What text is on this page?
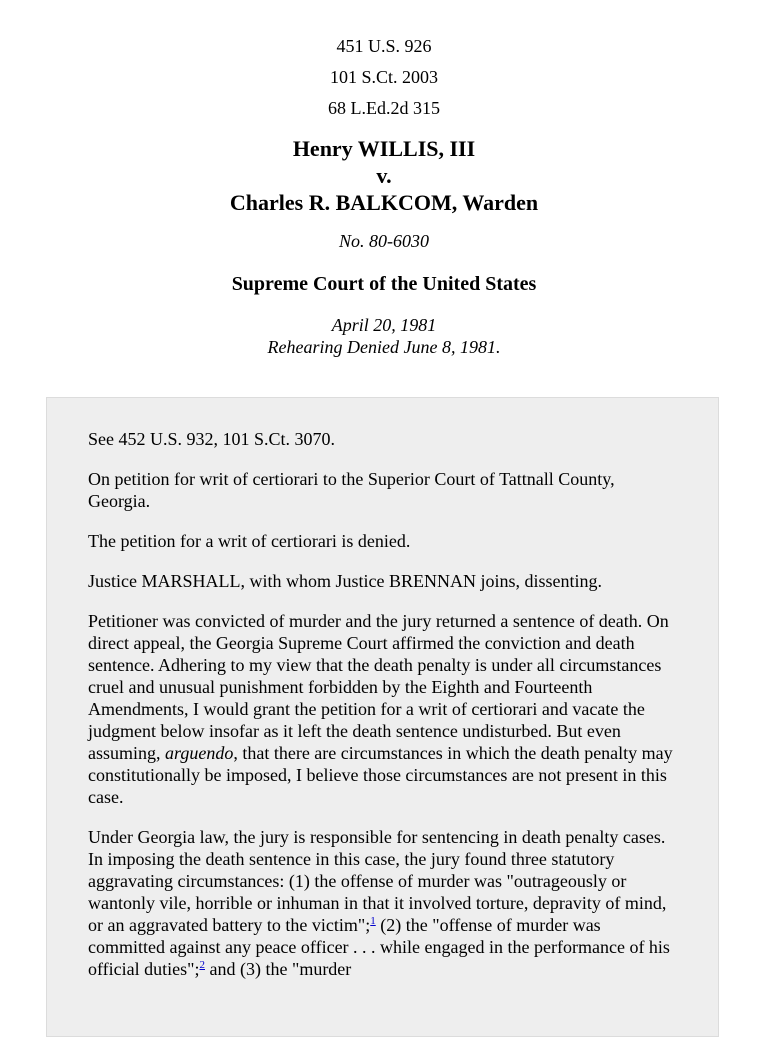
451 U.S. 926
101 S.Ct. 2003
68 L.Ed.2d 315
Henry WILLIS, III
v.
Charles R. BALKCOM, Warden
No. 80-6030
Supreme Court of the United States
April 20, 1981
Rehearing Denied June 8, 1981.

See 452 U.S. 932, 101 S.Ct. 3070.

On petition for writ of certiorari to the Superior Court of Tattnall County, Georgia.

The petition for a writ of certiorari is denied.

Justice MARSHALL, with whom Justice BRENNAN joins, dissenting.

Petitioner was convicted of murder and the jury returned a sentence of death. On direct appeal, the Georgia Supreme Court affirmed the conviction and death sentence. Adhering to my view that the death penalty is under all circumstances cruel and unusual punishment forbidden by the Eighth and Fourteenth Amendments, I would grant the petition for a writ of certiorari and vacate the judgment below insofar as it left the death sentence undisturbed. But even assuming, arguendo, that there are circumstances in which the death penalty may constitutionally be imposed, I believe those circumstances are not present in this case.

Under Georgia law, the jury is responsible for sentencing in death penalty cases. In imposing the death sentence in this case, the jury found three statutory aggravating circumstances: (1) the offense of murder was "outrageously or wantonly vile, horrible or inhuman in that it involved torture, depravity of mind, or an aggravated battery to the victim";$^1$ (2) the "offense of murder was committed against any peace officer . . . while engaged in the performance of his official duties";$^2$ and (3) the "murder
